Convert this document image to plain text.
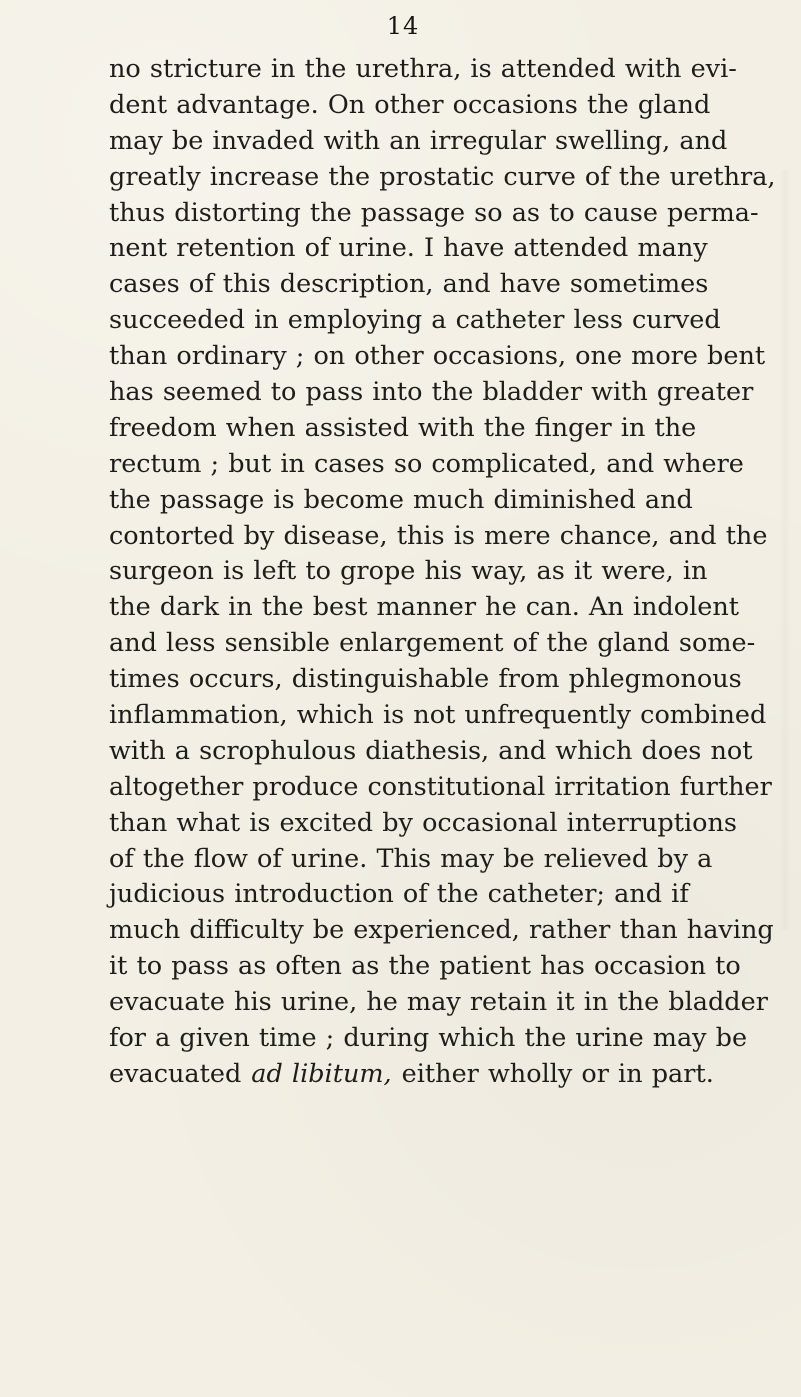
14
no stricture in the urethra, is attended with evi-
dent advantage. On other occasions the gland
may be invaded with an irregular swelling, and
greatly increase the prostatic curve of the urethra,
thus distorting the passage so as to cause perma-
nent retention of urine. I have attended many
cases of this description, and have sometimes
succeeded in employing a catheter less curved
than ordinary ; on other occasions, one more bent
has seemed to pass into the bladder with greater
freedom when assisted with the finger in the
rectum ; but in cases so complicated, and where
the passage is become much diminished and
contorted by disease, this is mere chance, and the
surgeon is left to grope his way, as it were, in
the dark in the best manner he can. An indolent
and less sensible enlargement of the gland some-
times occurs, distinguishable from phlegmonous
inflammation, which is not unfrequently combined
with a scrophulous diathesis, and which does not
altogether produce constitutional irritation further
than what is excited by occasional interruptions
of the flow of urine. This may be relieved by a
judicious introduction of the catheter; and if
much difficulty be experienced, rather than having
it to pass as often as the patient has occasion to
evacuate his urine, he may retain it in the bladder
for a given time ; during which the urine may be
evacuated ad libitum, either wholly or in part.
